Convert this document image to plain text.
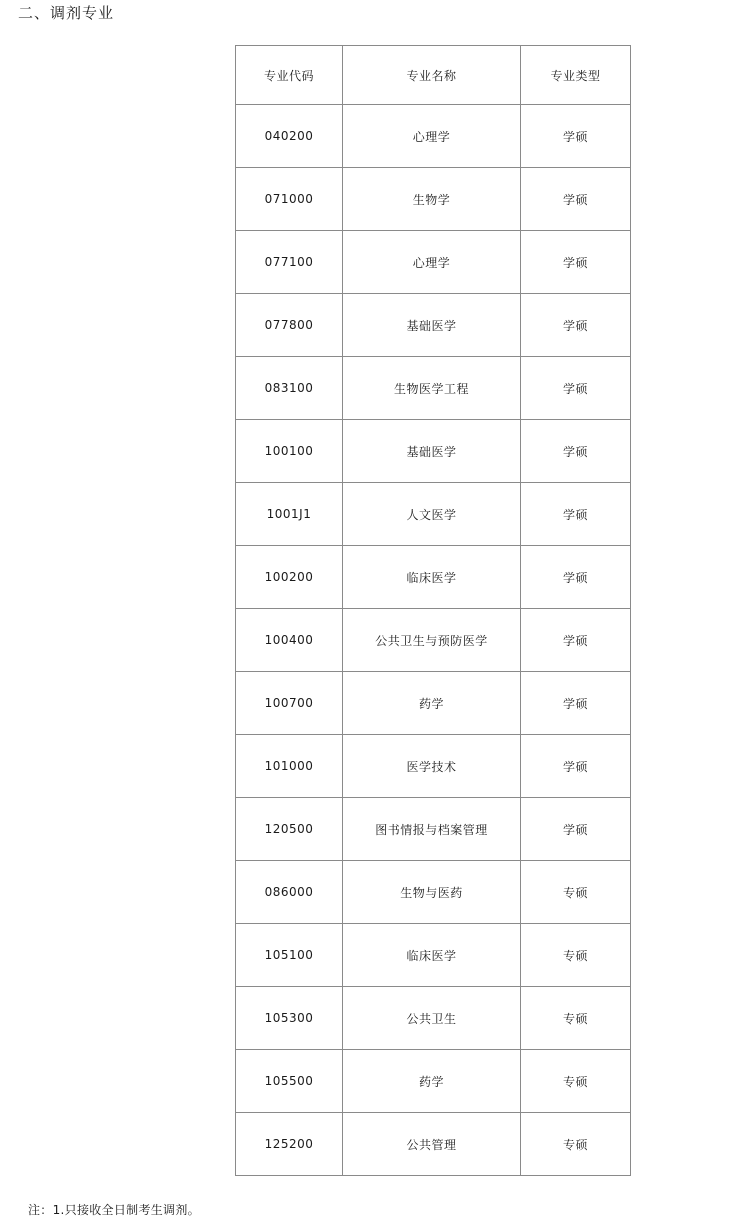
二、调剂专业
专业代码	专业名称	专业类型
040200	心理学	学硕
071000	生物学	学硕
077100	心理学	学硕
077800	基础医学	学硕
083100	生物医学工程	学硕
100100	基础医学	学硕
1001J1	人文医学	学硕
100200	临床医学	学硕
100400	公共卫生与预防医学	学硕
100700	药学	学硕
101000	医学技术	学硕
120500	图书情报与档案管理	学硕
086000	生物与医药	专硕
105100	临床医学	专硕
105300	公共卫生	专硕
105500	药学	专硕
125200	公共管理	专硕
注：1.只接收全日制考生调剂。
